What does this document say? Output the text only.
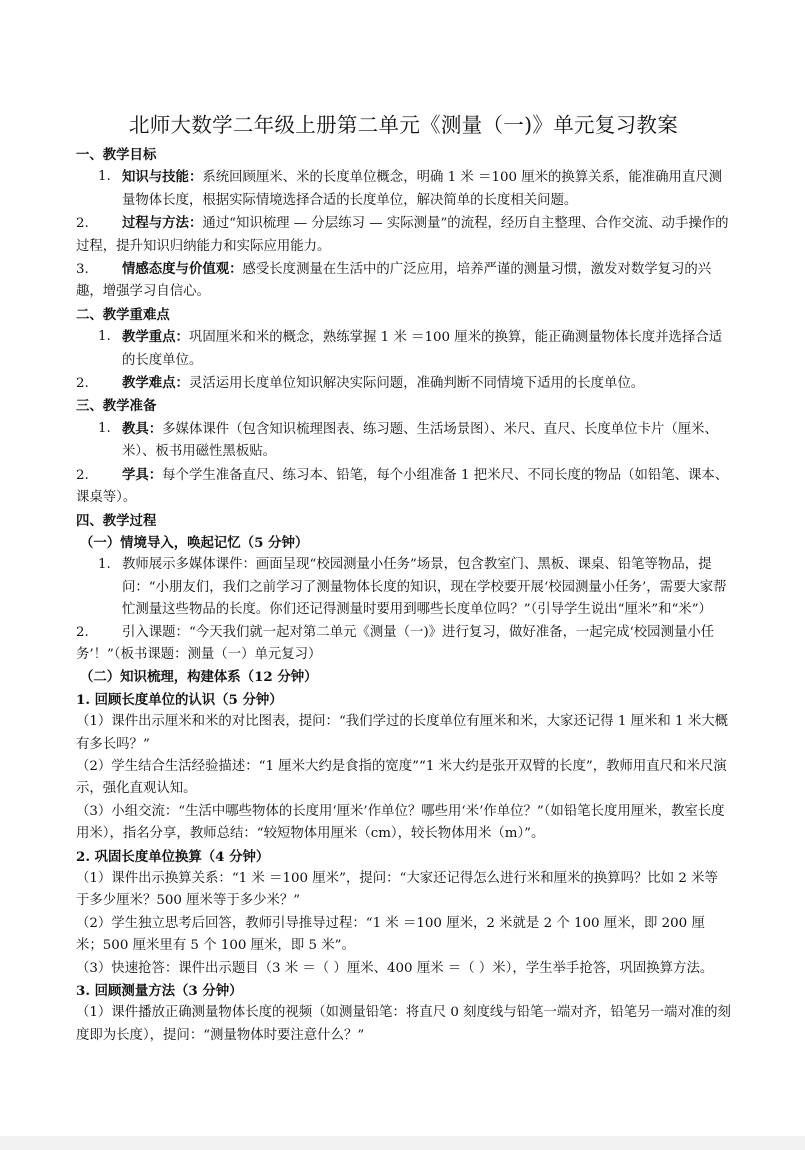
北师大数学二年级上册第二单元《测量（一)》单元复习教案
一、教学目标
1. 知识与技能：系统回顾厘米、米的长度单位概念，明确 1 米 ＝100 厘米的换算关系，能准确用直尺测量物体长度，根据实际情境选择合适的长度单位，解决简单的长度相关问题。
2. 过程与方法：通过“知识梳理 — 分层练习 — 实际测量”的流程，经历自主整理、合作交流、动手操作的过程，提升知识归纳能力和实际应用能力。
3. 情感态度与价值观：感受长度测量在生活中的广泛应用，培养严谨的测量习惯，激发对数学复习的兴趣，增强学习自信心。
二、教学重难点
1. 教学重点：巩固厘米和米的概念，熟练掌握 1 米 ＝100 厘米的换算，能正确测量物体长度并选择合适的长度单位。
2. 教学难点：灵活运用长度单位知识解决实际问题，准确判断不同情境下适用的长度单位。
三、教学准备
1. 教具：多媒体课件（包含知识梳理图表、练习题、生活场景图）、米尺、直尺、长度单位卡片（厘米、米）、板书用磁性黑板贴。
2. 学具：每个学生准备直尺、练习本、铅笔，每个小组准备 1 把米尺、不同长度的物品（如铅笔、课本、课桌等）。
四、教学过程
（一）情境导入，唤起记忆（5 分钟）
1. 教师展示多媒体课件：画面呈现“校园测量小任务”场景，包含教室门、黑板、课桌、铅笔等物品，提问：“小朋友们，我们之前学习了测量物体长度的知识，现在学校要开展‘校园测量小任务’，需要大家帮忙测量这些物品的长度。你们还记得测量时要用到哪些长度单位吗？”（引导学生说出“厘米”和“米”）
2. 引入课题：“今天我们就一起对第二单元《测量（一)》进行复习，做好准备，一起完成‘校园测量小任务’！”（板书课题：测量（一）单元复习）
（二）知识梳理，构建体系（12 分钟）
1. 回顾长度单位的认识（5 分钟）
（1）课件出示厘米和米的对比图表，提问：“我们学过的长度单位有厘米和米，大家还记得 1 厘米和 1 米大概有多长吗？”
（2）学生结合生活经验描述：“1 厘米大约是食指的宽度”“1 米大约是张开双臂的长度”，教师用直尺和米尺演示，强化直观认知。
（3）小组交流：“生活中哪些物体的长度用‘厘米’作单位？哪些用‘米’作单位？”（如铅笔长度用厘米，教室长度用米），指名分享，教师总结：“较短物体用厘米（cm），较长物体用米（m）”。
2. 巩固长度单位换算（4 分钟）
（1）课件出示换算关系：“1 米 ＝100 厘米”，提问：“大家还记得怎么进行米和厘米的换算吗？比如 2 米等于多少厘米？500 厘米等于多少米？”
（2）学生独立思考后回答，教师引导推导过程：“1 米 ＝100 厘米，2 米就是 2 个 100 厘米，即 200 厘米；500 厘米里有 5 个 100 厘米，即 5 米”。
（3）快速抢答：课件出示题目（3 米 ＝（ ）厘米、400 厘米 ＝（ ）米），学生举手抢答，巩固换算方法。
3. 回顾测量方法（3 分钟）
（1）课件播放正确测量物体长度的视频（如测量铅笔：将直尺 0 刻度线与铅笔一端对齐，铅笔另一端对准的刻度即为长度），提问：“测量物体时要注意什么？”
